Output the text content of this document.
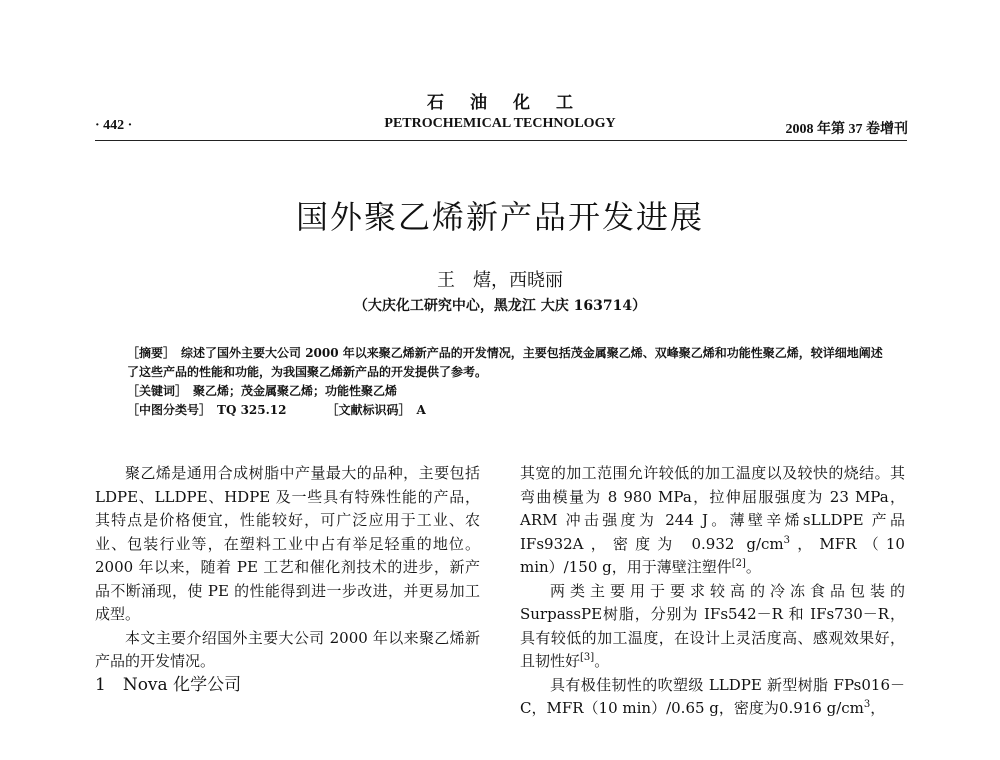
石油化工
· 442 ·	PETROCHEMICAL TECHNOLOGY	2008 年第 37 卷增刊
国外聚乙烯新产品开发进展
王　熺，西晓丽
（大庆化工研究中心，黑龙江 大庆 163714）

［摘要］ 综述了国外主要大公司 2000 年以来聚乙烯新产品的开发情况，主要包括茂金属聚乙烯、双峰聚乙烯和功能性聚乙烯，较详细地阐述了这些产品的性能和功能，为我国聚乙烯新产品的开发提供了参考。

［关键词］ 聚乙烯；茂金属聚乙烯；功能性聚乙烯

［中图分类号］ TQ 325.12	［文献标识码］ A

聚乙烯是通用合成树脂中产量最大的品种，主要包括 LDPE、LLDPE、HDPE 及一些具有特殊性能的产品，其特点是价格便宜，性能较好，可广泛应用于工业、农业、包装行业等，在塑料工业中占有举足轻重的地位。2000 年以来，随着 PE 工艺和催化剂技术的进步，新产品不断涌现，使 PE 的性能得到进一步改进，并更易加工成型。

本文主要介绍国外主要大公司 2000 年以来聚乙烯新产品的开发情况。

1　Nova 化学公司

其宽的加工范围允许较低的加工温度以及较快的烧结。其弯曲模量为 8 980 MPa，拉伸屈服强度为 23 MPa，ARM 冲击强度为 244 J。薄壁辛烯sLLDPE 产品 IFs932A，密度为 0.932 $g/cm^3$，MFR（10 min）/150 g，用于薄壁注塑件[2]。

两类主要用于要求较高的冷冻食品包装的 SurpassPE树脂，分别为 IFs542－R 和 IFs730－R，具有较低的加工温度，在设计上灵活度高、感观效果好，且韧性好[3]。

具有极佳韧性的吹塑级 LLDPE 新型树脂 FPs016－C，MFR（10 min）/0.65 g，密度为0.916 $g/cm^3$，
